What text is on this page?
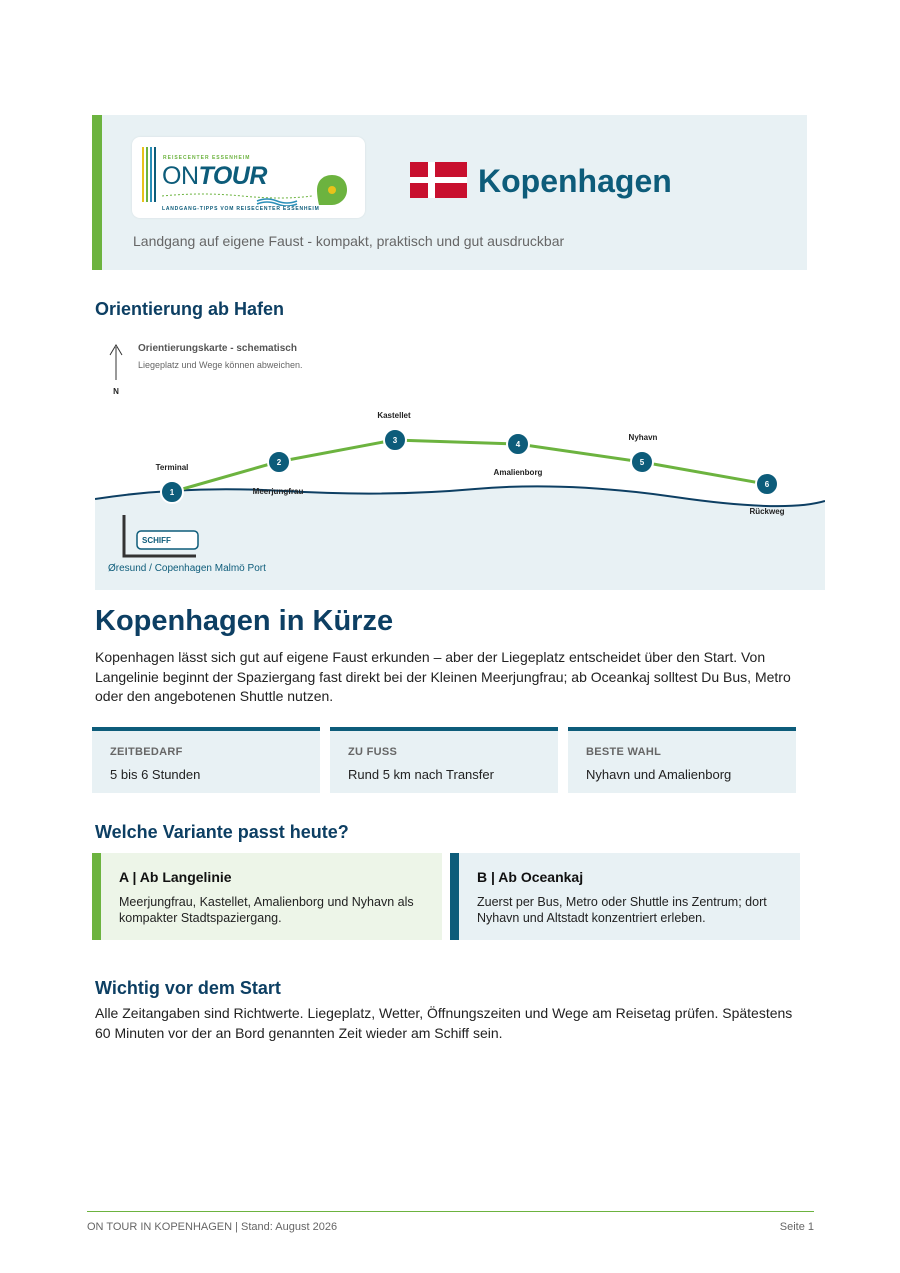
REISECENTER ESSENHEIM
ONTOUR
LANDGANG-TIPPS VOM REISECENTER ESSENHEIM
Kopenhagen
Landgang auf eigene Faust - kompakt, praktisch und gut ausdruckbar
Orientierung ab Hafen
N
Orientierungskarte - schematisch
Liegeplatz und Wege können abweichen.
1
Terminal
2
Meerjungfrau
3
Kastellet
4
Amalienborg
5
Nyhavn
6
Rückweg
SCHIFF
Øresund / Copenhagen Malmö Port
Kopenhagen in Kürze

Kopenhagen lässt sich gut auf eigene Faust erkunden – aber der Liegeplatz entscheidet über den Start. Von Langelinie beginnt der Spaziergang fast direkt bei der Kleinen Meerjungfrau; ab Oceankaj solltest Du Bus, Metro oder den angebotenen Shuttle nutzen.

ZEITBEDARF
5 bis 6 Stunden
ZU FUSS
Rund 5 km nach Transfer
BESTE WAHL
Nyhavn und Amalienborg
Welche Variante passt heute?
A | Ab Langelinie
Meerjungfrau, Kastellet, Amalienborg und Nyhavn als kompakter Stadtspaziergang.
B | Ab Oceankaj
Zuerst per Bus, Metro oder Shuttle ins Zentrum; dort Nyhavn und Altstadt konzentriert erleben.
Wichtig vor dem Start

Alle Zeitangaben sind Richtwerte. Liegeplatz, Wetter, Öffnungszeiten und Wege am Reisetag prüfen. Spätestens 60 Minuten vor der an Bord genannten Zeit wieder am Schiff sein.

ON TOUR IN KOPENHAGEN | Stand: August 2026	Seite 1
